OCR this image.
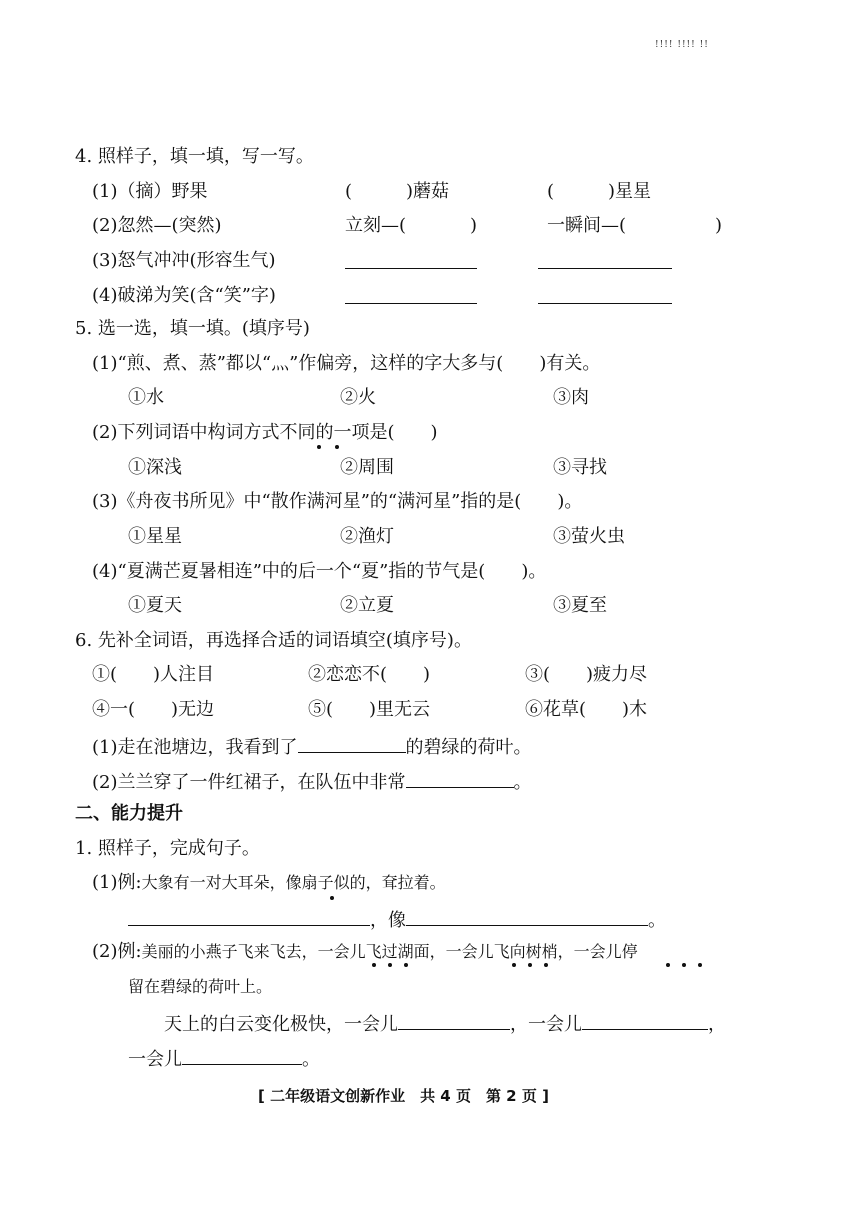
!!!! !!!! !!
4. 照样子，填一填，写一写。
(1)（摘）野果	(　　　)蘑菇	(　　　)星星
(2)忽然—(突然)	立刻—(	)	一瞬间—(	)
(3)怒气冲冲(形容生气)
(4)破涕为笑(含“笑”字)
5. 选一选，填一填。(填序号)
(1)“煎、煮、蒸”都以“灬”作偏旁，这样的字大多与(　　)有关。
①水	②火	③肉
(2)下列词语中构词方式不同的一项是(　　)
①深浅	②周围	③寻找
(3)《舟夜书所见》中“散作满河星”的“满河星”指的是(　　)。
①星星	②渔灯	③萤火虫
(4)“夏满芒夏暑相连”中的后一个“夏”指的节气是(　　)。
①夏天	②立夏	③夏至
6. 先补全词语，再选择合适的词语填空(填序号)。
①(　　)人注目	②恋恋不(　　)	③(　　)疲力尽
④一(　　)无边	⑤(　　)里无云	⑥花草(　　)木
(1)走在池塘边，我看到了	的碧绿的荷叶。
(2)兰兰穿了一件红裙子，在队伍中非常	。
二、能力提升
1. 照样子，完成句子。
(1)例:大象有一对大耳朵，像扇子似的，耷拉着。
，像	。
(2)例:美丽的小燕子飞来飞去，一会儿飞过湖面，一会儿飞向树梢，一会儿停
留在碧绿的荷叶上。
天上的白云变化极快，一会儿	，一会儿	，
一会儿	。
[ 二年级语文创新作业　共 4 页　第 2 页 ]
